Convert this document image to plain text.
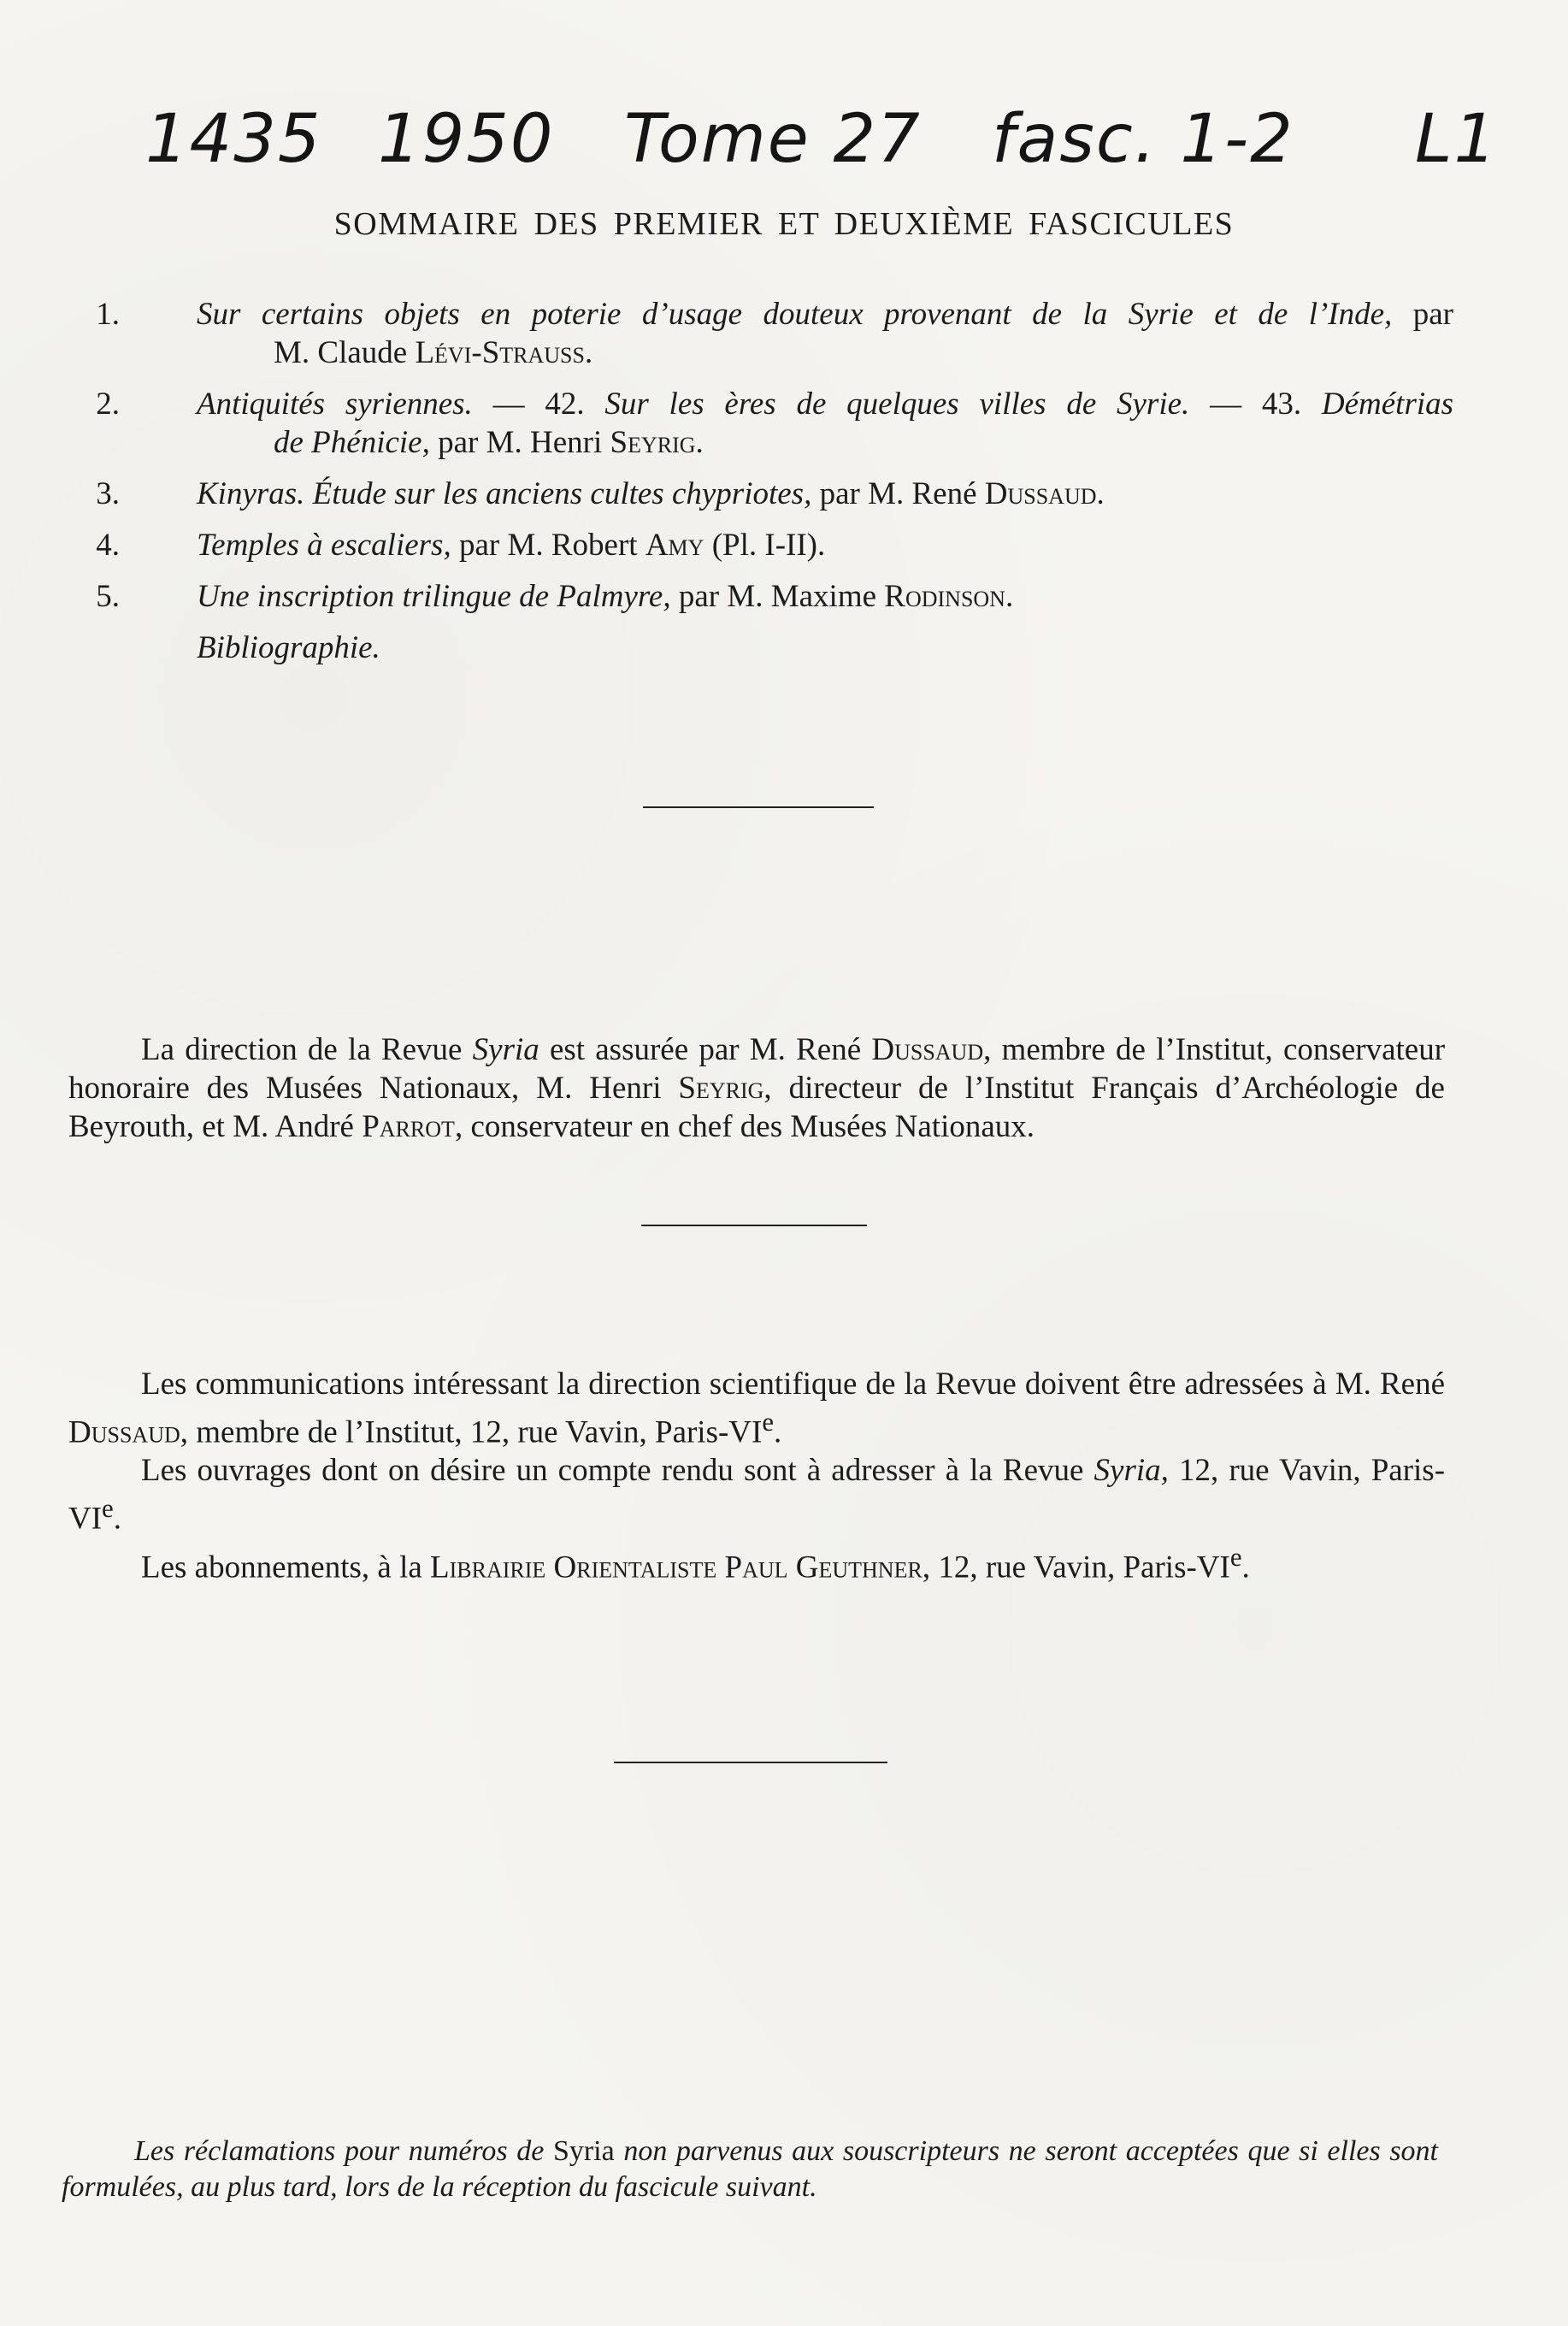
1435 1950 Tome 27 fasc. 1-2 L1
SOMMAIRE DES PREMIER ET DEUXIÈME FASCICULES
1. Sur certains objets en poterie d’usage douteux provenant de la Syrie et de l’Inde, par
M. Claude Lévi-Strauss.
2. Antiquités syriennes. — 42. Sur les ères de quelques villes de Syrie. — 43. Démétrias
de Phénicie, par M. Henri Seyrig.
3. Kinyras. Étude sur les anciens cultes chypriotes, par M. René Dussaud.
4. Temples à escaliers, par M. Robert Amy (Pl. I-II).
5. Une inscription trilingue de Palmyre, par M. Maxime Rodinson.
Bibliographie.

La direction de la Revue Syria est assurée par M. René Dussaud, membre de l’Institut, conservateur honoraire des Musées Nationaux, M. Henri Seyrig, directeur de l’Institut Français d’Archéologie de Beyrouth, et M. André Parrot, conservateur en chef des Musées Nationaux.

Les communications intéressant la direction scientifique de la Revue doivent être adressées à M. René Dussaud, membre de l’Institut, 12, rue Vavin, Paris-VIe.

Les ouvrages dont on désire un compte rendu sont à adresser à la Revue Syria, 12, rue Vavin, Paris-VIe.

Les abonnements, à la Librairie Orientaliste Paul Geuthner, 12, rue Vavin, Paris-VIe.

Les réclamations pour numéros de Syria non parvenus aux souscripteurs ne seront acceptées que si elles sont formulées, au plus tard, lors de la réception du fascicule suivant.
